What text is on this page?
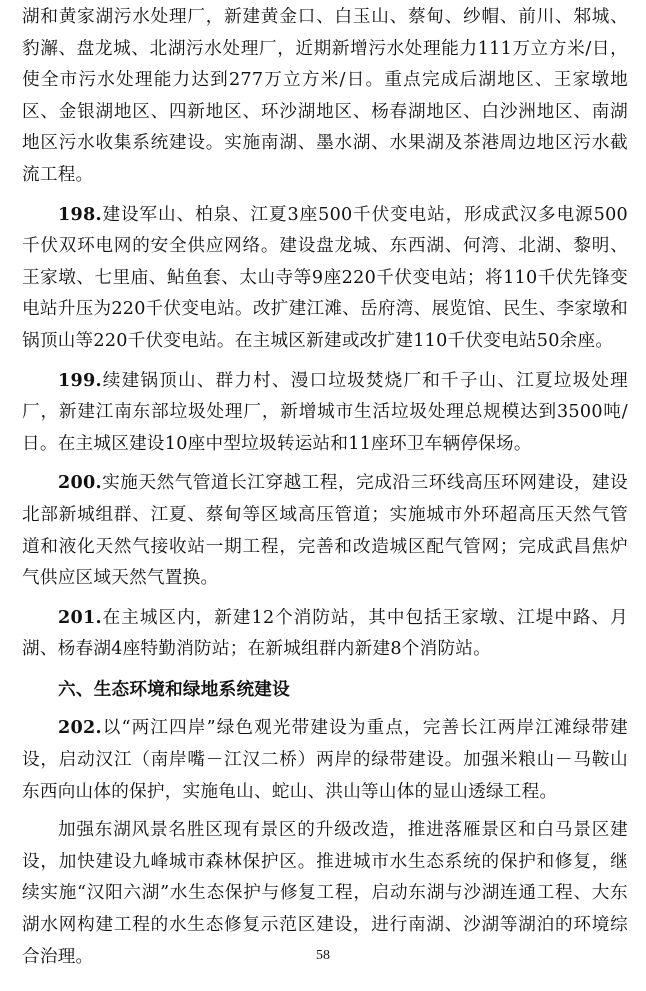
湖和黄家湖污水处理厂，新建黄金口、白玉山、蔡甸、纱帽、前川、邾城、豹澥、盘龙城、北湖污水处理厂，近期新增污水处理能力111万立方米/日，使全市污水处理能力达到277万立方米/日。重点完成后湖地区、王家墩地区、金银湖地区、四新地区、环沙湖地区、杨春湖地区、白沙洲地区、南湖地区污水收集系统建设。实施南湖、墨水湖、水果湖及茶港周边地区污水截流工程。

198.建设军山、柏泉、江夏3座500千伏变电站，形成武汉多电源500千伏双环电网的安全供应网络。建设盘龙城、东西湖、何湾、北湖、黎明、王家墩、七里庙、鲇鱼套、太山寺等9座220千伏变电站；将110千伏先锋变电站升压为220千伏变电站。改扩建江滩、岳府湾、展览馆、民生、李家墩和锅顶山等220千伏变电站。在主城区新建或改扩建110千伏变电站50余座。

199.续建锅顶山、群力村、漫口垃圾焚烧厂和千子山、江夏垃圾处理厂，新建江南东部垃圾处理厂，新增城市生活垃圾处理总规模达到3500吨/日。在主城区建设10座中型垃圾转运站和11座环卫车辆停保场。

200.实施天然气管道长江穿越工程，完成沿三环线高压环网建设，建设北部新城组群、江夏、蔡甸等区域高压管道；实施城市外环超高压天然气管道和液化天然气接收站一期工程，完善和改造城区配气管网；完成武昌焦炉气供应区域天然气置换。

201.在主城区内，新建12个消防站，其中包括王家墩、江堤中路、月湖、杨春湖4座特勤消防站；在新城组群内新建8个消防站。

六、生态环境和绿地系统建设

202.以“两江四岸”绿色观光带建设为重点，完善长江两岸江滩绿带建设，启动汉江（南岸嘴－江汉二桥）两岸的绿带建设。加强米粮山－马鞍山东西向山体的保护，实施龟山、蛇山、洪山等山体的显山透绿工程。

加强东湖风景名胜区现有景区的升级改造，推进落雁景区和白马景区建设，加快建设九峰城市森林保护区。推进城市水生态系统的保护和修复，继续实施“汉阳六湖”水生态保护与修复工程，启动东湖与沙湖连通工程、大东湖水网构建工程的水生态修复示范区建设，进行南湖、沙湖等湖泊的环境综合治理。	58
